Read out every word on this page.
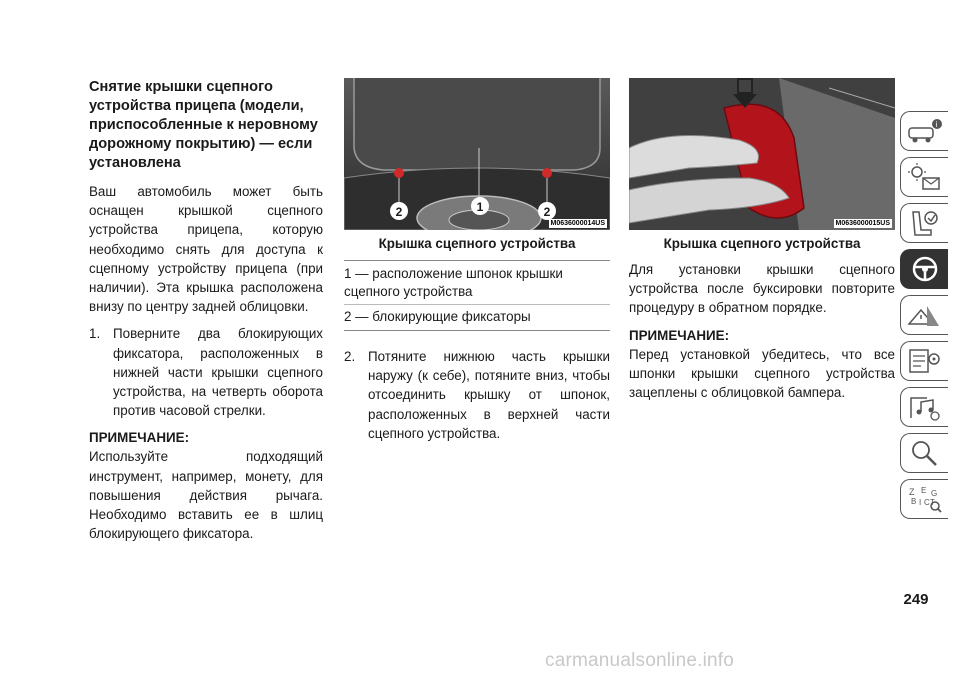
Снятие крышки сцепного устройства прицепа (модели, приспособленные к неровному дорожному покрытию) — если установлена

Ваш автомобиль может быть оснащен крышкой сцепного устройства прицепа, которую необходимо снять для доступа к сцепному устройству прицепа (при наличии). Эта крышка расположена внизу по центру задней облицовки.

1. Поверните два блокирующих фиксатора, расположенных в нижней части крышки сцепного устройства, на четверть оборота против часовой стрелки.
ПРИМЕЧАНИЕ:

Используйте подходящий инструмент, например, монету, для повышения действия рычага. Необходимо вставить ее в шлиц блокирующего фиксатора.

2	1	2
M0636000014US
Крышка сцепного устройства
1 — расположение шпонок крышки сцепного устройства
2 — блокирующие фиксаторы
2. Потяните нижнюю часть крышки наружу (к себе), потяните вниз, чтобы отсоединить крышку от шпонок, расположенных в верхней части сцепного устройства.
M0636000015US
Крышка сцепного устройства

Для установки крышки сцепного устройства после буксировки повторите процедуру в обратном порядке.

ПРИМЕЧАНИЕ:

Перед установкой убедитесь, что все шпонки крышки сцепного устройства зацеплены с облицовкой бампера.

i
Z E
B I C T
G
249
carmanualsonline.info
